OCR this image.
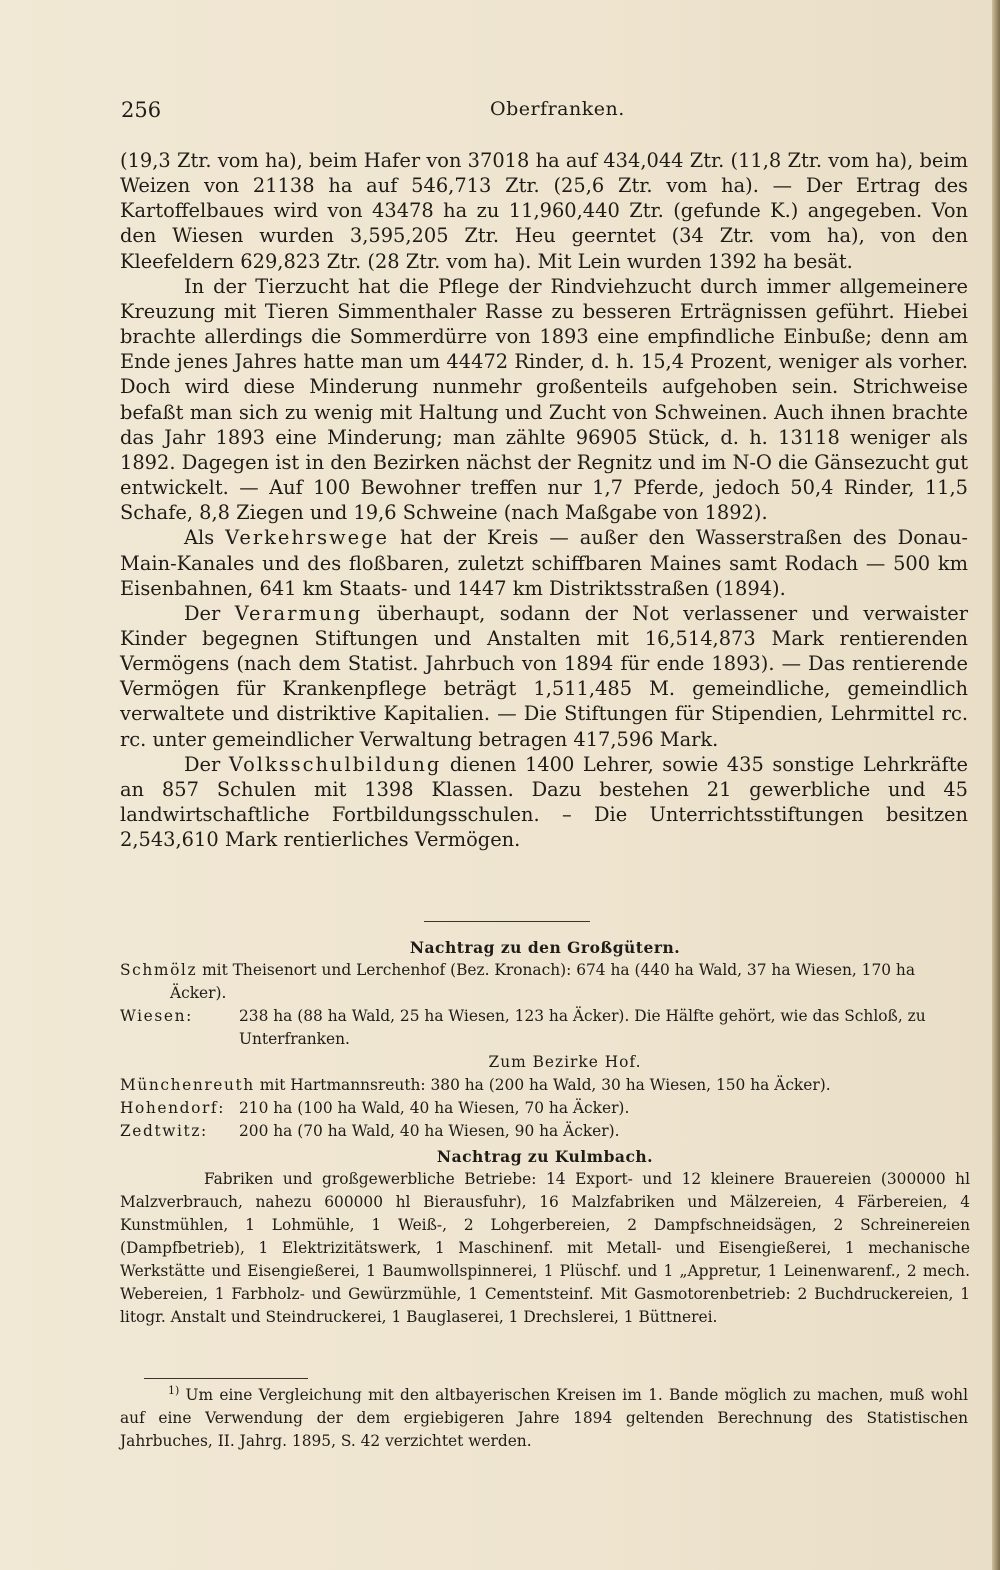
256	Oberfranken.

(19,3 Ztr. vom ha), beim Hafer von 37018 ha auf 434,044 Ztr. (11,8 Ztr. vom ha), beim Weizen von 21138 ha auf 546,713 Ztr. (25,6 Ztr. vom ha). — Der Ertrag des Kartoffelbaues wird von 43478 ha zu 11,960,440 Ztr. (gefunde K.) angegeben. Von den Wiesen wurden 3,595,205 Ztr. Heu geerntet (34 Ztr. vom ha), von den Kleefeldern 629,823 Ztr. (28 Ztr. vom ha). Mit Lein wurden 1392 ha besät.

In der Tierzucht hat die Pflege der Rindviehzucht durch immer allgemeinere Kreuzung mit Tieren Simmenthaler Rasse zu besseren Erträgnissen geführt. Hiebei brachte allerdings die Sommerdürre von 1893 eine empfindliche Einbuße; denn am Ende jenes Jahres hatte man um 44472 Rinder, d. h. 15,4 Prozent, weniger als vorher. Doch wird diese Minderung nunmehr großenteils aufgehoben sein. Strichweise befaßt man sich zu wenig mit Haltung und Zucht von Schweinen. Auch ihnen brachte das Jahr 1893 eine Minderung; man zählte 96905 Stück, d. h. 13118 weniger als 1892. Dagegen ist in den Bezirken nächst der Regnitz und im N-O die Gänsezucht gut entwickelt. — Auf 100 Bewohner treffen nur 1,7 Pferde, jedoch 50,4 Rinder, 11,5 Schafe, 8,8 Ziegen und 19,6 Schweine (nach Maßgabe von 1892).

Als Verkehrswege hat der Kreis — außer den Wasserstraßen des Donau-Main-Kanales und des floßbaren, zuletzt schiffbaren Maines samt Rodach — 500 km Eisenbahnen, 641 km Staats- und 1447 km Distriktsstraßen (1894).

Der Verarmung überhaupt, sodann der Not verlassener und verwaister Kinder begegnen Stiftungen und Anstalten mit 16,514,873 Mark rentierenden Vermögens (nach dem Statist. Jahrbuch von 1894 für ende 1893). — Das rentierende Vermögen für Krankenpflege beträgt 1,511,485 M. gemeindliche, gemeindlich verwaltete und distriktive Kapitalien. — Die Stiftungen für Stipendien, Lehrmittel rc. rc. unter gemeindlicher Verwaltung betragen 417,596 Mark.

Der Volksschulbildung dienen 1400 Lehrer, sowie 435 sonstige Lehrkräfte an 857 Schulen mit 1398 Klassen. Dazu bestehen 21 gewerbliche und 45 landwirtschaftliche Fortbildungsschulen. – Die Unterrichtsstiftungen besitzen 2,543,610 Mark rentierliches Vermögen.

Nachtrag zu den Großgütern.
Schmölz mit Theisenort und Lerchenhof (Bez. Kronach): 674 ha (440 ha Wald, 37 ha Wiesen, 170 ha Äcker).
Wiesen:	238 ha (88 ha Wald, 25 ha Wiesen, 123 ha Äcker). Die Hälfte gehört, wie das Schloß, zu Unterfranken.
Zum Bezirke Hof.
Münchenreuth mit Hartmannsreuth: 380 ha (200 ha Wald, 30 ha Wiesen, 150 ha Äcker).
Hohendorf: 210 ha (100 ha Wald, 40 ha Wiesen, 70 ha Äcker).
Zedtwitz: 200 ha (70 ha Wald, 40 ha Wiesen, 90 ha Äcker).
Nachtrag zu Kulmbach.
Fabriken und großgewerbliche Betriebe: 14 Export- und 12 kleinere Brauereien (300000 hl Malzverbrauch, nahezu 600000 hl Bierausfuhr), 16 Malzfabriken und Mälzereien, 4 Färbereien, 4 Kunstmühlen, 1 Lohmühle, 1 Weiß-, 2 Lohgerbereien, 2 Dampfschneidsägen, 2 Schreinereien (Dampfbetrieb), 1 Elektrizitätswerk, 1 Maschinenf. mit Metall- und Eisengießerei, 1 mechanische Werkstätte und Eisengießerei, 1 Baumwollspinnerei, 1 Plüschf. und 1 „Appretur, 1 Leinenwarenf., 2 mech. Webereien, 1 Farbholz- und Gewürzmühle, 1 Cementsteinf. Mit Gasmotorenbetrieb: 2 Buchdruckereien, 1 litogr. Anstalt und Steindruckerei, 1 Bauglaserei, 1 Drechslerei, 1 Büttnerei.
$^{1)}$ Um eine Vergleichung mit den altbayerischen Kreisen im 1. Bande möglich zu machen, muß wohl auf eine Verwendung der dem ergiebigeren Jahre 1894 geltenden Berechnung des Statistischen Jahrbuches, II. Jahrg. 1895, S. 42 verzichtet werden.
